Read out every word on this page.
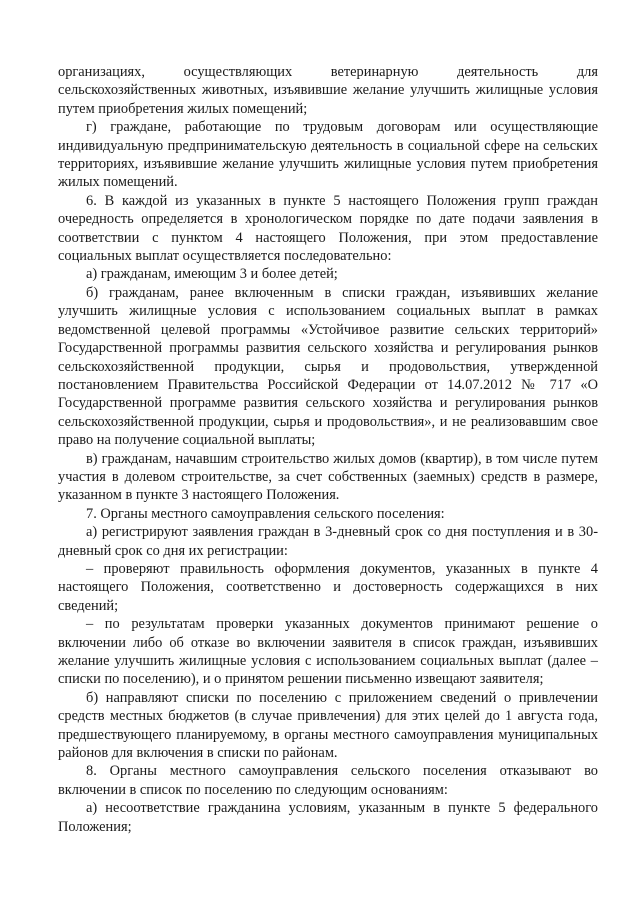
организациях, осуществляющих ветеринарную деятельность для сельскохозяйственных животных, изъявившие желание улучшить жилищные условия путем приобретения жилых помещений;

г) граждане, работающие по трудовым договорам или осуществляющие индивидуальную предпринимательскую деятельность в социальной сфере на сельских территориях, изъявившие желание улучшить жилищные условия путем приобретения жилых помещений.

6. В каждой из указанных в пункте 5 настоящего Положения групп граждан очередность определяется в хронологическом порядке по дате подачи заявления в соответствии с пунктом 4 настоящего Положения, при этом предоставление социальных выплат осуществляется последовательно:

а) гражданам, имеющим 3 и более детей;

б) гражданам, ранее включенным в списки граждан, изъявивших желание улучшить жилищные условия с использованием социальных выплат в рамках ведомственной целевой программы «Устойчивое развитие сельских территорий» Государственной программы развития сельского хозяйства и регулирования рынков сельскохозяйственной продукции, сырья и продовольствия, утвержденной постановлением Правительства Российской Федерации от 14.07.2012 № 717 «О Государственной программе развития сельского хозяйства и регулирования рынков сельскохозяйственной продукции, сырья и продовольствия», и не реализовавшим свое право на получение социальной выплаты;

в) гражданам, начавшим строительство жилых домов (квартир), в том числе путем участия в долевом строительстве, за счет собственных (заемных) средств в размере, указанном в пункте 3 настоящего Положения.

7. Органы местного самоуправления сельского поселения:

а) регистрируют заявления граждан в 3-дневный срок со дня поступления и в 30-дневный срок со дня их регистрации:

– проверяют правильность оформления документов, указанных в пункте 4 настоящего Положения, соответственно и достоверность содержащихся в них сведений;

– по результатам проверки указанных документов принимают решение о включении либо об отказе во включении заявителя в список граждан, изъявивших желание улучшить жилищные условия с использованием социальных выплат (далее – списки по поселению), и о принятом решении письменно извещают заявителя;

б) направляют списки по поселению с приложением сведений о привлечении средств местных бюджетов (в случае привлечения) для этих целей до 1 августа года, предшествующего планируемому, в органы местного самоуправления муниципальных районов для включения в списки по районам.

8. Органы местного самоуправления сельского поселения отказывают во включении в список по поселению по следующим основаниям:

а) несоответствие гражданина условиям, указанным в пункте 5 федерального Положения;
